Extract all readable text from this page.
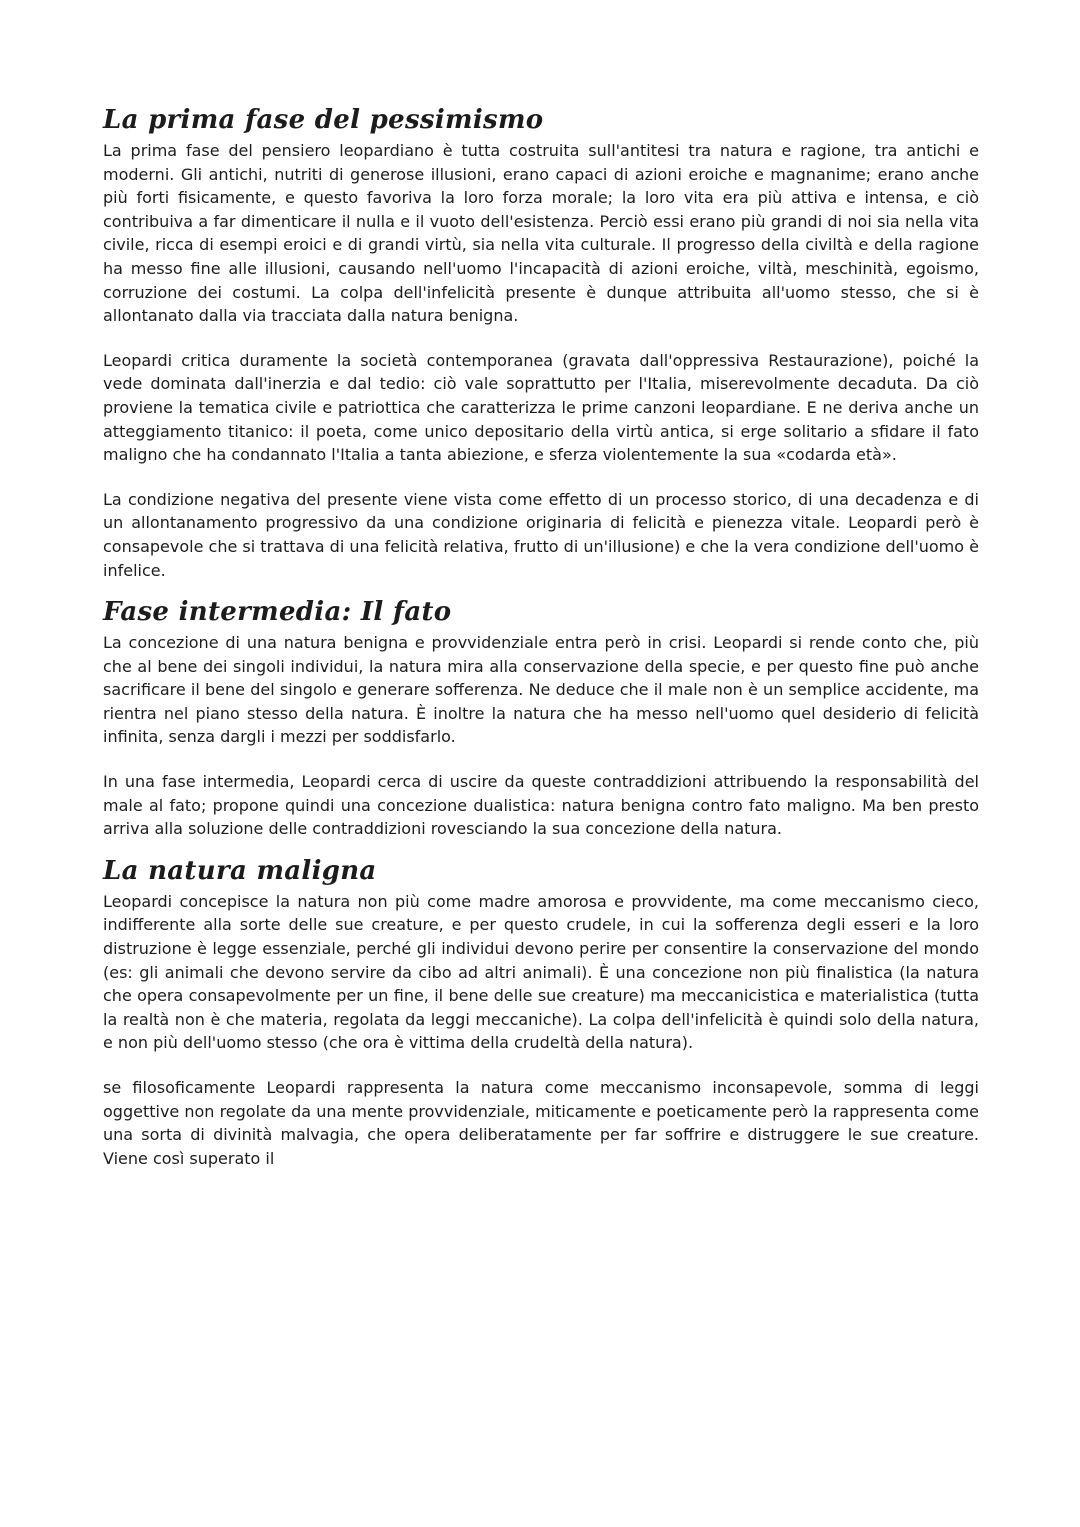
La prima fase del pessimismo

La prima fase del pensiero leopardiano è tutta costruita sull'antitesi tra natura e ragione, tra antichi e moderni. Gli antichi, nutriti di generose illusioni, erano capaci di azioni eroiche e magnanime; erano anche più forti fisicamente, e questo favoriva la loro forza morale; la loro vita era più attiva e intensa, e ciò contribuiva a far dimenticare il nulla e il vuoto dell'esistenza. Perciò essi erano più grandi di noi sia nella vita civile, ricca di esempi eroici e di grandi virtù, sia nella vita culturale. Il progresso della civiltà e della ragione ha messo fine alle illusioni, causando nell'uomo l'incapacità di azioni eroiche, viltà, meschinità, egoismo, corruzione dei costumi. La colpa dell'infelicità presente è dunque attribuita all'uomo stesso, che si è allontanato dalla via tracciata dalla natura benigna.

Leopardi critica duramente la società contemporanea (gravata dall'oppressiva Restaurazione), poiché la vede dominata dall'inerzia e dal tedio: ciò vale soprattutto per l'Italia, miserevolmente decaduta. Da ciò proviene la tematica civile e patriottica che caratterizza le prime canzoni leopardiane. E ne deriva anche un atteggiamento titanico: il poeta, come unico depositario della virtù antica, si erge solitario a sfidare il fato maligno che ha condannato l'Italia a tanta abiezione, e sferza violentemente la sua «codarda età».

La condizione negativa del presente viene vista come effetto di un processo storico, di una decadenza e di un allontanamento progressivo da una condizione originaria di felicità e pienezza vitale. Leopardi però è consapevole che si trattava di una felicità relativa, frutto di un'illusione) e che la vera condizione dell'uomo è infelice.

Fase intermedia: Il fato

La concezione di una natura benigna e provvidenziale entra però in crisi. Leopardi si rende conto che, più che al bene dei singoli individui, la natura mira alla conservazione della specie, e per questo fine può anche sacrificare il bene del singolo e generare sofferenza. Ne deduce che il male non è un semplice accidente, ma rientra nel piano stesso della natura. È inoltre la natura che ha messo nell'uomo quel desiderio di felicità infinita, senza dargli i mezzi per soddisfarlo.

In una fase intermedia, Leopardi cerca di uscire da queste contraddizioni attribuendo la responsabilità del male al fato; propone quindi una concezione dualistica: natura benigna contro fato maligno. Ma ben presto arriva alla soluzione delle contraddizioni rovesciando la sua concezione della natura.

La natura maligna

Leopardi concepisce la natura non più come madre amorosa e provvidente, ma come meccanismo cieco, indifferente alla sorte delle sue creature, e per questo crudele, in cui la sofferenza degli esseri e la loro distruzione è legge essenziale, perché gli individui devono perire per consentire la conservazione del mondo (es: gli animali che devono servire da cibo ad altri animali). È una concezione non più finalistica (la natura che opera consapevolmente per un fine, il bene delle sue creature) ma meccanicistica e materialistica (tutta la realtà non è che materia, regolata da leggi meccaniche). La colpa dell'infelicità è quindi solo della natura, e non più dell'uomo stesso (che ora è vittima della crudeltà della natura).

se filosoficamente Leopardi rappresenta la natura come meccanismo inconsapevole, somma di leggi oggettive non regolate da una mente provvidenziale, miticamente e poeticamente però la rappresenta come una sorta di divinità malvagia, che opera deliberatamente per far soffrire e distruggere le sue creature. Viene così superato il
